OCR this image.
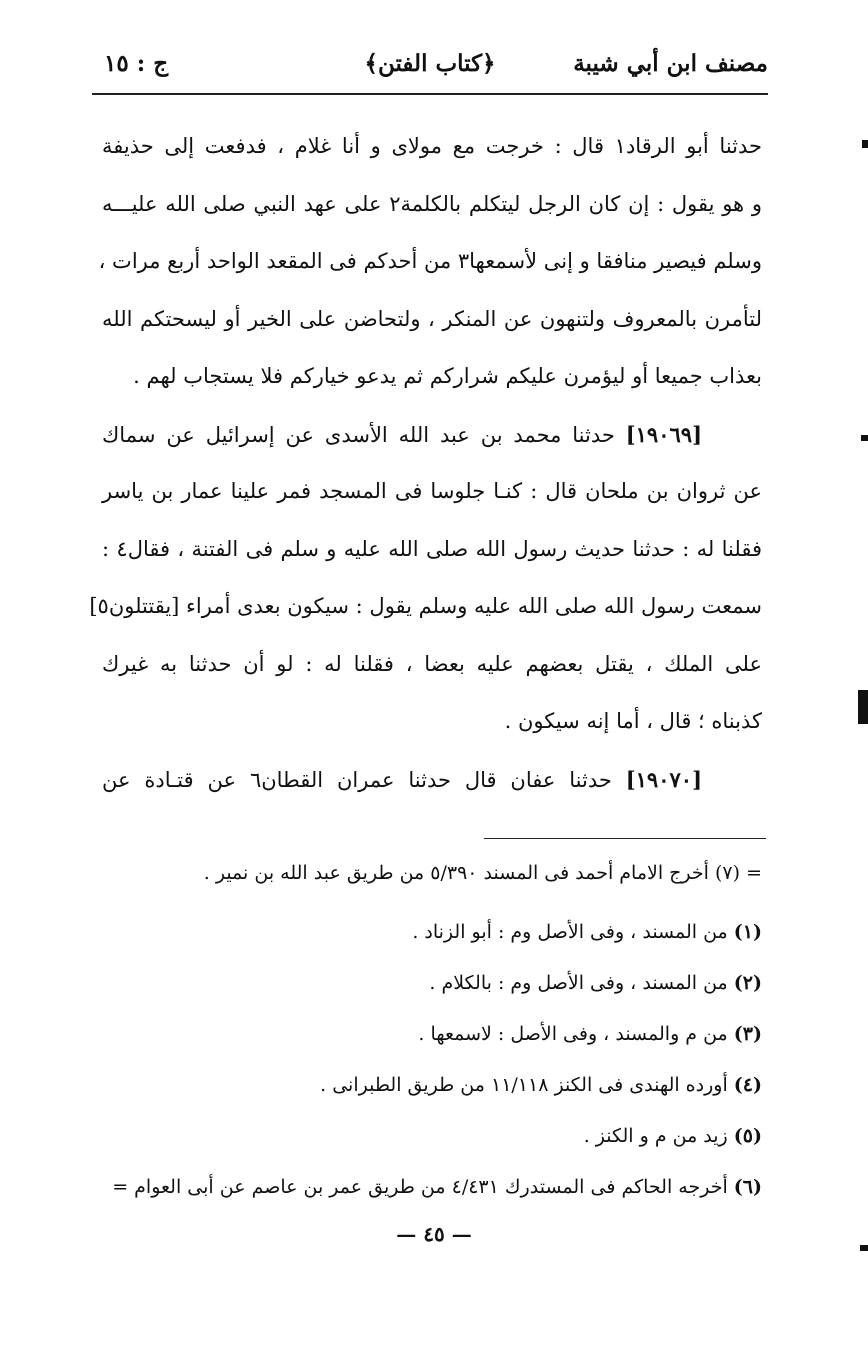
مصنف ابن أبي شيبة
﴿كتاب الفتن﴾
ج : ١٥
حدثنا أبو الرقاد١ قال : خرجت مع مولاى و أنا غلام ، فدفعت إلى حذيفة
و هو يقول : إن كان الرجل ليتكلم بالكلمة٢ على عهد النبي صلى الله عليـــه
وسلم فيصير منافقا و إنى لأسمعها٣ من أحدكم فى المقعد الواحد أربع مرات ،
لتأمرن بالمعروف ولتنهون عن المنكر ، ولتحاضن على الخير أو ليسحتكم الله
بعذاب جميعا أو ليؤمرن عليكم شراركم ثم يدعو خياركم فلا يستجاب لهم .
[١٩٠٦٩] حدثنا محمد بن عبد الله الأسدى عن إسرائيل عن سماك
عن ثروان بن ملحان قال : كنـا جلوسا فى المسجد فمر علينا عمار بن ياسر
فقلنا له : حدثنا حديث رسول الله صلى الله عليه و سلم فى الفتنة ، فقال٤ :
سمعت رسول الله صلى الله عليه وسلم يقول : سيكون بعدى أمراء [يقتتلون٥]
على الملك ، يقتل بعضهم عليه بعضا ، فقلنا له : لو أن حدثنا به غيرك
كذبناه ؛ قال ، أما إنه سيكون .
[١٩٠٧٠] حدثنا عفان قال حدثنا عمران القطان٦ عن قتـادة عن
= (٧) أخرج الامام أحمد فى المسند ٥/٣٩٠ من طريق عبد الله بن نمير .
(١) من المسند ، وفى الأصل وم : أبو الزناد .
(٢) من المسند ، وفى الأصل وم : بالكلام .
(٣) من م والمسند ، وفى الأصل : لاسمعها .
(٤) أورده الهندى فى الكنز ١١/١١٨ من طريق الطبرانى .
(٥) زيد من م و الكنز .
(٦) أخرجه الحاكم فى المستدرك ٤/٤٣١ من طريق عمر بن عاصم عن أبى العوام =
— ٤٥ —
